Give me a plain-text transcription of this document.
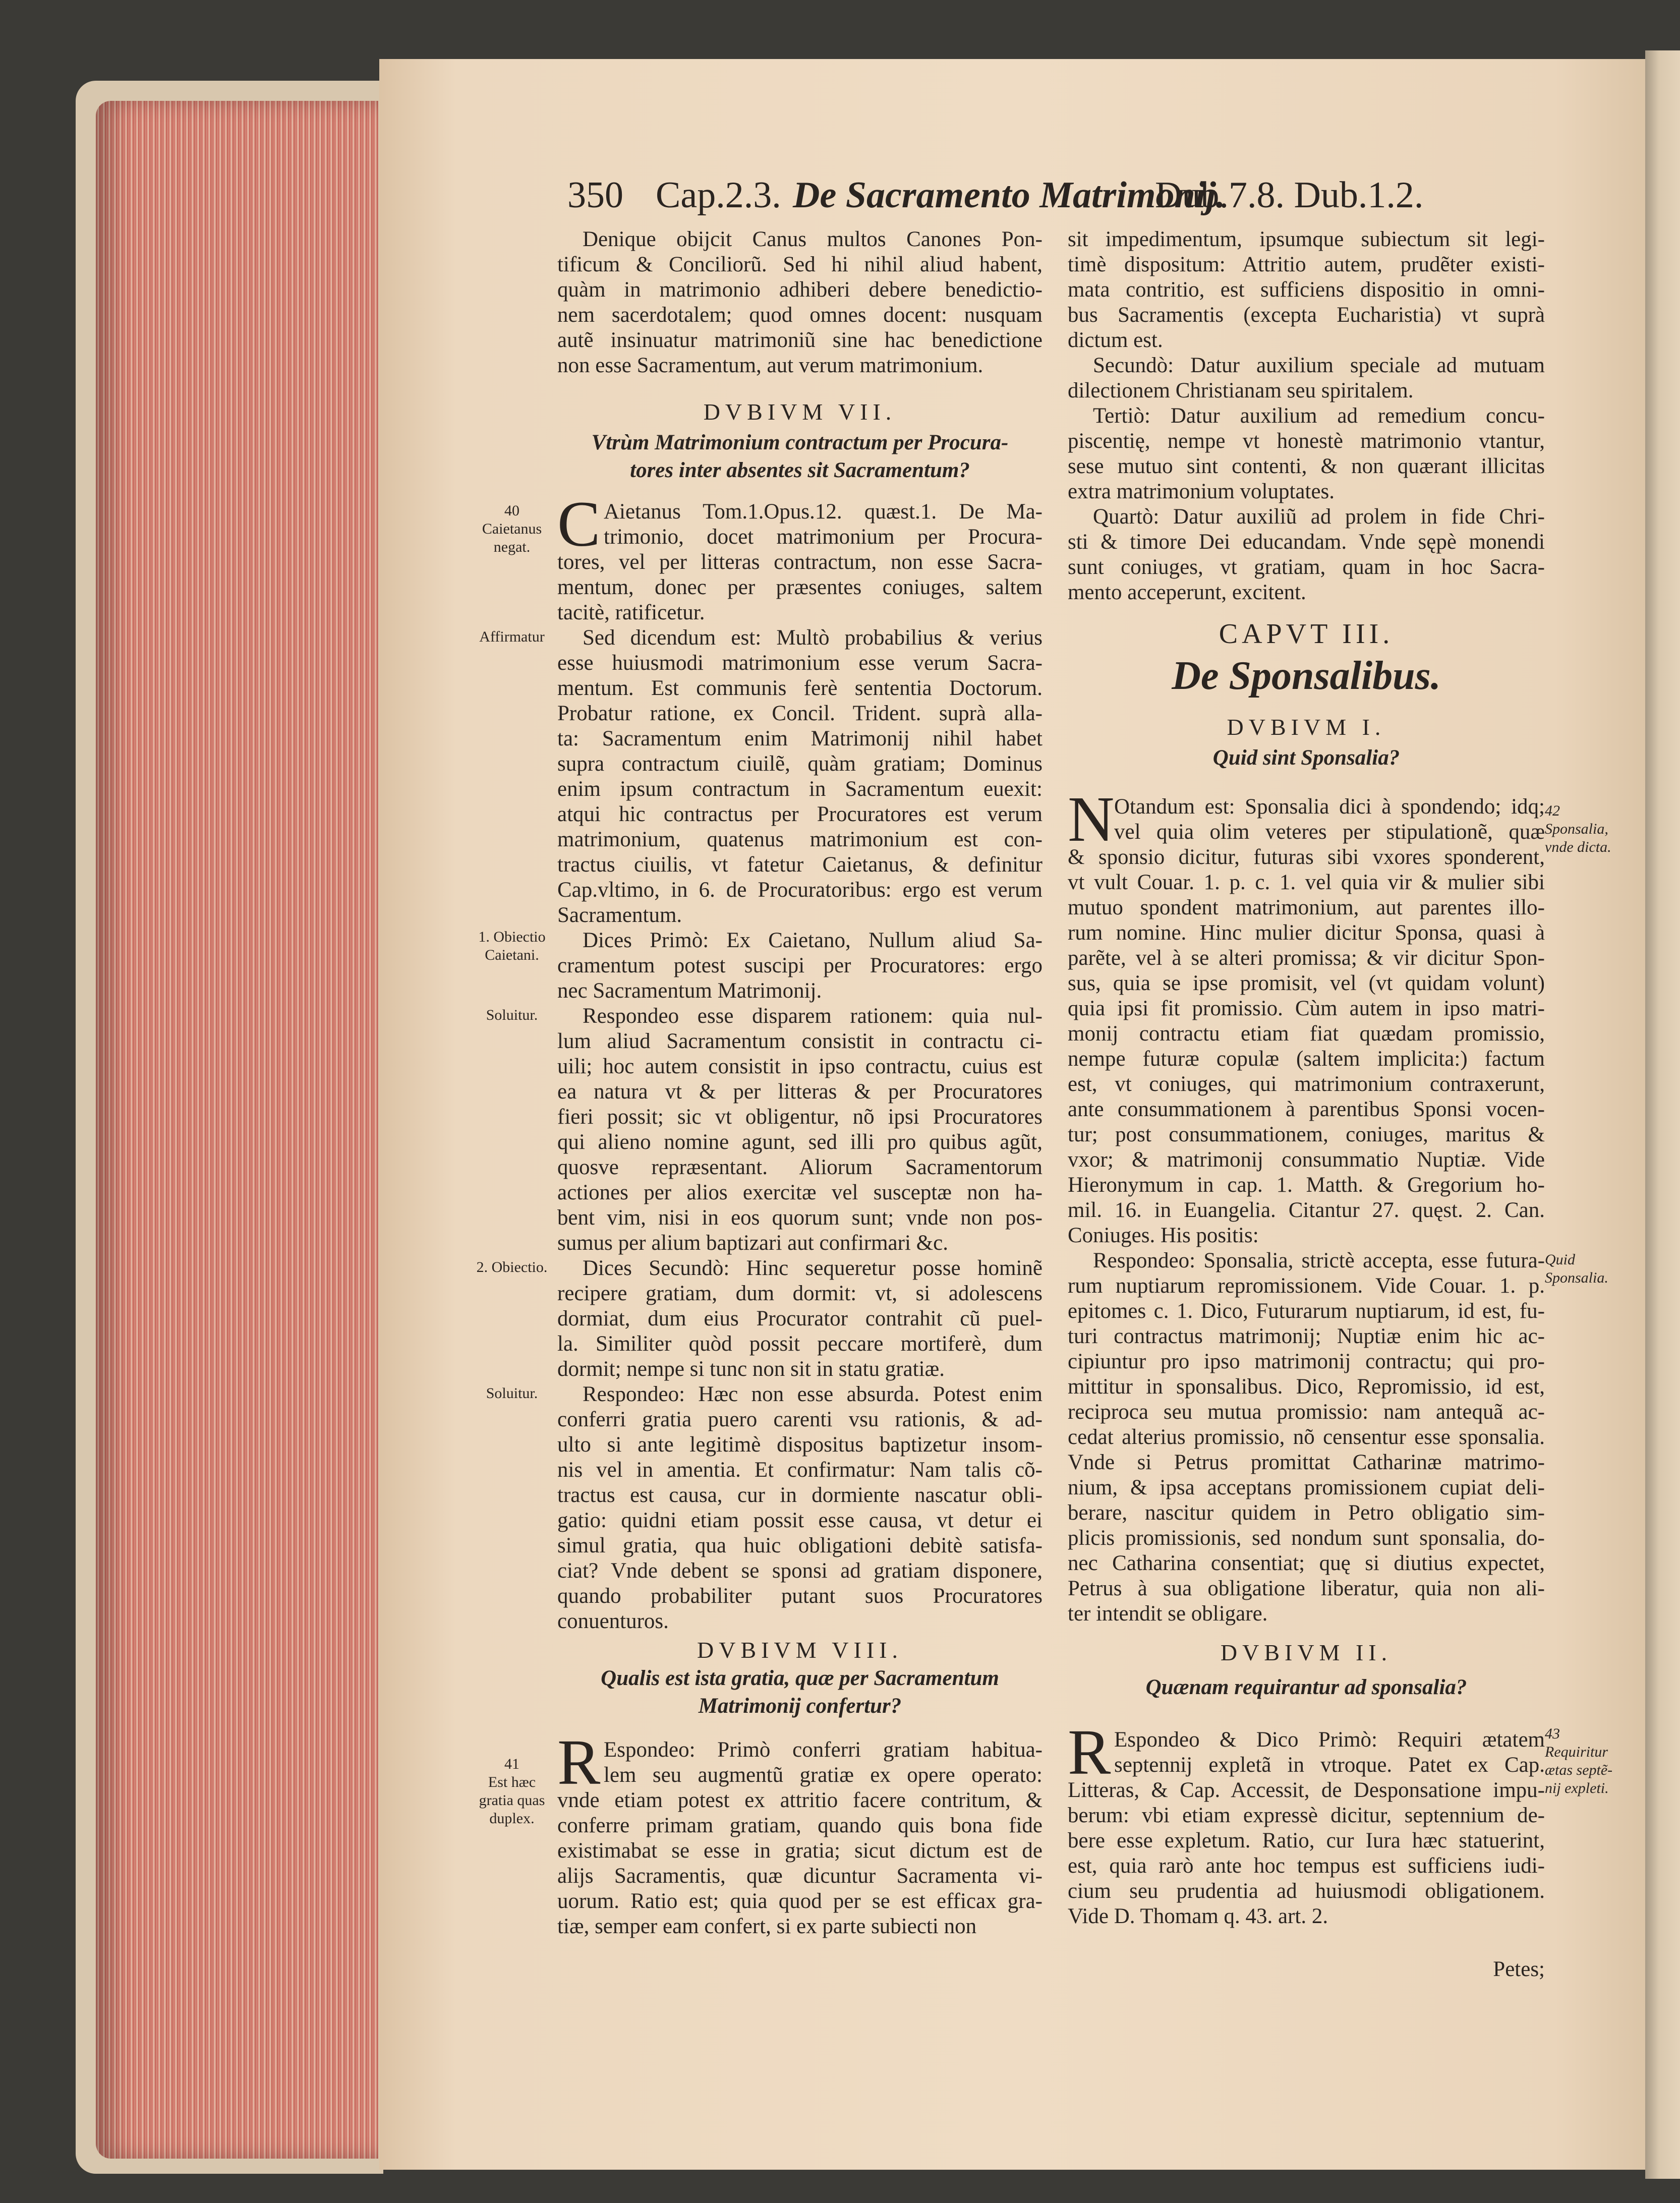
350 Cap.2.3. De Sacramento Matrimonij.
Dub.7.8. Dub.1.2.
Denique obijcit Canus multos Canones Pon-
tificum & Conciliorũ. Sed hi nihil aliud habent,
quàm in matrimonio adhiberi debere benedictio-
nem sacerdotalem; quod omnes docent: nusquam
autẽ insinuatur matrimoniũ sine hac benedictione
non esse Sacramentum, aut verum matrimonium.
DVBIVM VII.
Vtrùm Matrimonium contractum per Procura-
tores inter absentes sit Sacramentum?
C Aietanus Tom.1.Opus.12. quæst.1. De Ma-
trimonio, docet matrimonium per Procura-
tores, vel per litteras contractum, non esse Sacra-
mentum, donec per præsentes coniuges, saltem
tacitè, ratificetur.
Sed dicendum est: Multò probabilius & verius
esse huiusmodi matrimonium esse verum Sacra-
mentum. Est communis ferè sententia Doctorum.
Probatur ratione, ex Concil. Trident. suprà alla-
ta: Sacramentum enim Matrimonij nihil habet
supra contractum ciuilẽ, quàm gratiam; Dominus
enim ipsum contractum in Sacramentum euexit:
atqui hic contractus per Procuratores est verum
matrimonium, quatenus matrimonium est con-
tractus ciuilis, vt fatetur Caietanus, & definitur
Cap.vltimo, in 6. de Procuratoribus: ergo est verum
Sacramentum.
Dices Primò: Ex Caietano, Nullum aliud Sa-
cramentum potest suscipi per Procuratores: ergo
nec Sacramentum Matrimonij.
Respondeo esse disparem rationem: quia nul-
lum aliud Sacramentum consistit in contractu ci-
uili; hoc autem consistit in ipso contractu, cuius est
ea natura vt & per litteras & per Procuratores
fieri possit; sic vt obligentur, nõ ipsi Procuratores
qui alieno nomine agunt, sed illi pro quibus agũt,
quosve repræsentant. Aliorum Sacramentorum
actiones per alios exercitæ vel susceptæ non ha-
bent vim, nisi in eos quorum sunt; vnde non pos-
sumus per alium baptizari aut confirmari &c.
Dices Secundò: Hinc sequeretur posse hominẽ
recipere gratiam, dum dormit: vt, si adolescens
dormiat, dum eius Procurator contrahit cũ puel-
la. Similiter quòd possit peccare mortiferè, dum
dormit; nempe si tunc non sit in statu gratiæ.
Respondeo: Hæc non esse absurda. Potest enim
conferri gratia puero carenti vsu rationis, & ad-
ulto si ante legitimè dispositus baptizetur insom-
nis vel in amentia. Et confirmatur: Nam talis cõ-
tractus est causa, cur in dormiente nascatur obli-
gatio: quidni etiam possit esse causa, vt detur ei
simul gratia, qua huic obligationi debitè satisfa-
ciat? Vnde debent se sponsi ad gratiam disponere,
quando probabiliter putant suos Procuratores
conuenturos.
DVBIVM VIII.
Qualis est ista gratia, quæ per Sacramentum
Matrimonij confertur?
R Espondeo: Primò conferri gratiam habitua-
lem seu augmentũ gratiæ ex opere operato:
vnde etiam potest ex attritio facere contritum, &
conferre primam gratiam, quando quis bona fide
existimabat se esse in gratia; sicut dictum est de
alijs Sacramentis, quæ dicuntur Sacramenta vi-
uorum. Ratio est; quia quod per se est efficax gra-
tiæ, semper eam confert, si ex parte subiecti non
sit impedimentum, ipsumque subiectum sit legi-
timè dispositum: Attritio autem, prudẽter existi-
mata contritio, est sufficiens dispositio in omni-
bus Sacramentis (excepta Eucharistia) vt suprà
dictum est.
Secundò: Datur auxilium speciale ad mutuam
dilectionem Christianam seu spiritalem.
Tertiò: Datur auxilium ad remedium concu-
piscentię, nempe vt honestè matrimonio vtantur,
sese mutuo sint contenti, & non quærant illicitas
extra matrimonium voluptates.
Quartò: Datur auxiliũ ad prolem in fide Chri-
sti & timore Dei educandam. Vnde sępè monendi
sunt coniuges, vt gratiam, quam in hoc Sacra-
mento acceperunt, excitent.
CAPVT III.
De Sponsalibus.
DVBIVM I.
Quid sint Sponsalia?
N Otandum est: Sponsalia dici à spondendo; idq;
vel quia olim veteres per stipulationẽ, quæ
& sponsio dicitur, futuras sibi vxores sponderent,
vt vult Couar. 1. p. c. 1. vel quia vir & mulier sibi
mutuo spondent matrimonium, aut parentes illo-
rum nomine. Hinc mulier dicitur Sponsa, quasi à
parẽte, vel à se alteri promissa; & vir dicitur Spon-
sus, quia se ipse promisit, vel (vt quidam volunt)
quia ipsi fit promissio. Cùm autem in ipso matri-
monij contractu etiam fiat quædam promissio,
nempe futuræ copulæ (saltem implicita:) factum
est, vt coniuges, qui matrimonium contraxerunt,
ante consummationem à parentibus Sponsi vocen-
tur; post consummationem, coniuges, maritus &
vxor; & matrimonij consummatio Nuptiæ. Vide
Hieronymum in cap. 1. Matth. & Gregorium ho-
mil. 16. in Euangelia. Citantur 27. quęst. 2. Can.
Coniuges. His positis:
Respondeo: Sponsalia, strictè accepta, esse futura-
rum nuptiarum repromissionem. Vide Couar. 1. p.
epitomes c. 1. Dico, Futurarum nuptiarum, id est, fu-
turi contractus matrimonij; Nuptiæ enim hic ac-
cipiuntur pro ipso matrimonij contractu; qui pro-
mittitur in sponsalibus. Dico, Repromissio, id est,
reciproca seu mutua promissio: nam antequã ac-
cedat alterius promissio, nõ censentur esse sponsalia.
Vnde si Petrus promittat Catharinæ matrimo-
nium, & ipsa acceptans promissionem cupiat deli-
berare, nascitur quidem in Petro obligatio sim-
plicis promissionis, sed nondum sunt sponsalia, do-
nec Catharina consentiat; quę si diutius expectet,
Petrus à sua obligatione liberatur, quia non ali-
ter intendit se obligare.
DVBIVM II.
Quænam requirantur ad sponsalia?
R Espondeo & Dico Primò: Requiri ætatem
septennij expletã in vtroque. Patet ex Cap.
Litteras, & Cap. Accessit, de Desponsatione impu-
berum: vbi etiam expressè dicitur, septennium de-
bere esse expletum. Ratio, cur Iura hæc statuerint,
est, quia rarò ante hoc tempus est sufficiens iudi-
cium seu prudentia ad huiusmodi obligationem.
Vide D. Thomam q. 43. art. 2.
Petes;
40
Caietanus
negat.
Affirmatur
1. Obiectio
Caietani.
Soluitur.
2. Obiectio.
Soluitur.
41
Est hæc
gratia quas
duplex.
42
Sponsalia,
vnde dicta.
Quid
Sponsalia.
43
Requiritur
ætas septẽ-
nij expleti.
